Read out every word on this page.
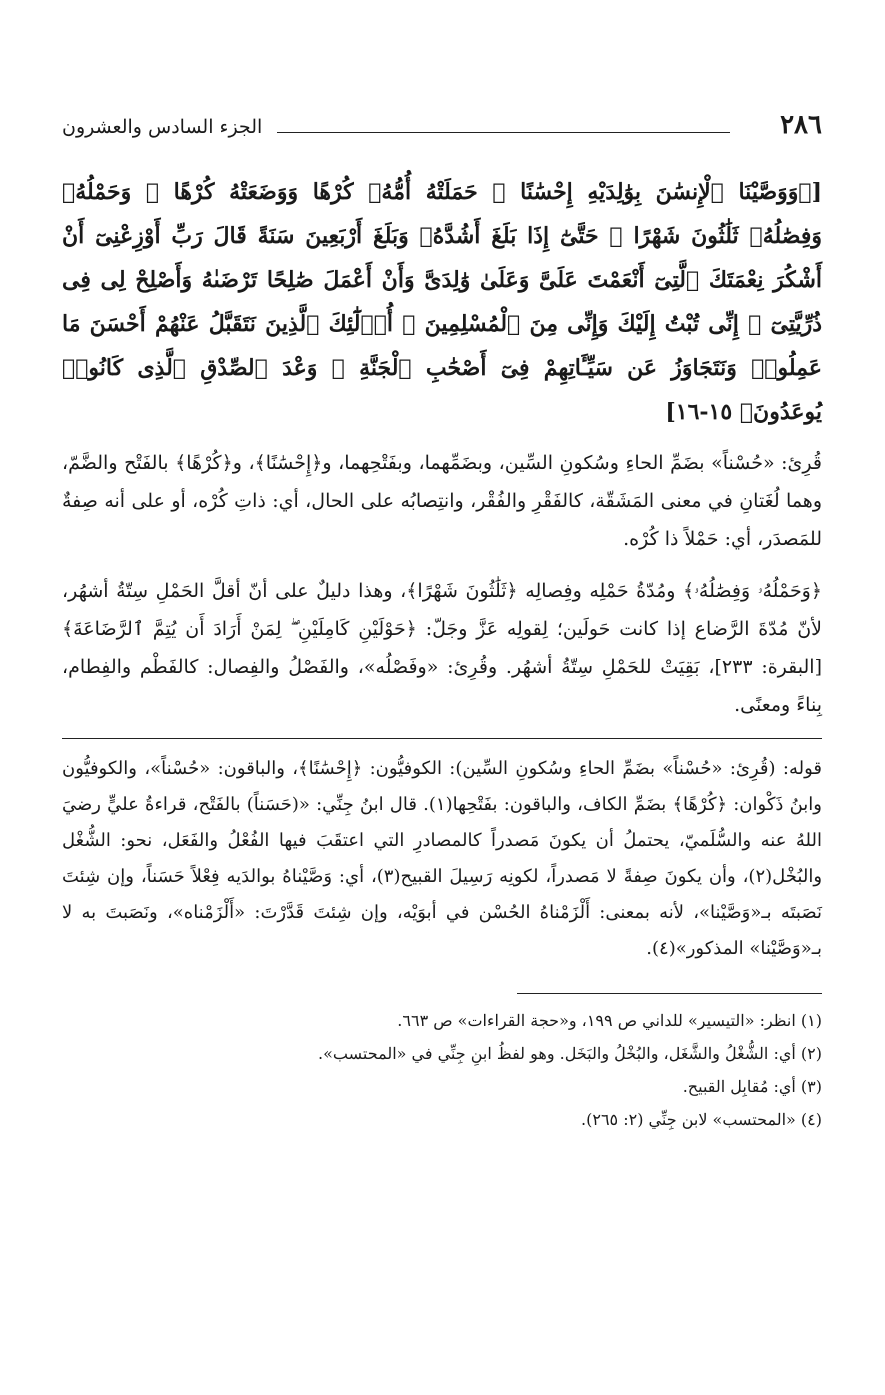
٢٨٦
الجزء السادس والعشرون
[﴿وَوَصَّيْنَا ٱلْإِنسَٰنَ بِوَٰلِدَيْهِ إِحْسَٰنًا ۖ حَمَلَتْهُ أُمُّهُۥ كُرْهًا وَوَضَعَتْهُ كُرْهًا ۖ وَحَمْلُهُۥ وَفِصَٰلُهُۥ ثَلَٰثُونَ شَهْرًا ۚ حَتَّىٰٓ إِذَا بَلَغَ أَشُدَّهُۥ وَبَلَغَ أَرْبَعِينَ سَنَةً قَالَ رَبِّ أَوْزِعْنِىٓ أَنْ أَشْكُرَ نِعْمَتَكَ ٱلَّتِىٓ أَنْعَمْتَ عَلَىَّ وَعَلَىٰ وَٰلِدَىَّ وَأَنْ أَعْمَلَ صَٰلِحًا تَرْضَىٰهُ وَأَصْلِحْ لِى فِى ذُرِّيَّتِىٓ ۖ إِنِّى تُبْتُ إِلَيْكَ وَإِنِّى مِنَ ٱلْمُسْلِمِينَ ۞ أُو۟لَٰٓئِكَ ٱلَّذِينَ نَتَقَبَّلُ عَنْهُمْ أَحْسَنَ مَا عَمِلُوا۟ وَنَتَجَاوَزُ عَن سَيِّـَٔاتِهِمْ فِىٓ أَصْحَٰبِ ٱلْجَنَّةِ ۖ وَعْدَ ٱلصِّدْقِ ٱلَّذِى كَانُوا۟ يُوعَدُونَ﴾ ١٥-١٦]

قُرِئ: «حُسْناً» بضَمِّ الحاءِ وسُكونِ السِّين، وبضَمِّهما، وبفَتْحِهما، و﴿إِحْسَٰنًا﴾، و﴿كُرْهًا﴾ بالفَتْح والضَّمّ، وهما لُغَتانِ في معنى المَشَقّة، كالفَقْرِ والفُقْر، وانتِصابُه على الحال، أي: ذاتِ كُرْه، أو على أنه صِفةٌ للمَصدَر، أي: حَمْلاً ذا كُرْه.

﴿وَحَمْلُهُۥ وَفِصَٰلُهُۥ﴾ ومُدّةُ حَمْلِه وفِصالِه ﴿ثَلَٰثُونَ شَهْرًا﴾، وهذا دليلٌ على أنّ أقلَّ الحَمْلِ سِتّةُ أشهُر، لأنّ مُدّةَ الرَّضاع إذا كانت حَولَين؛ لِقولِه عَزَّ وجَلّ: ﴿حَوْلَيْنِ كَامِلَيْنِ ۖ لِمَنْ أَرَادَ أَن يُتِمَّ ٱلرَّضَاعَةَ﴾ [البقرة: ٢٣٣]، بَقِيَتْ للحَمْلِ سِتّةُ أشهُر. وقُرِئ: «وفَصْلُه»، والفَصْلُ والفِصال: كالفَطْم والفِطام، بِناءً ومعنًى.

قوله: (قُرِئ: «حُسْناً» بضَمِّ الحاءِ وسُكونِ السِّين): الكوفيُّون: ﴿إِحْسَٰنًا﴾، والباقون: «حُسْناً»، والكوفيُّون وابنُ ذَكْوان: ﴿كُرْهًا﴾ بضَمِّ الكاف، والباقون: بفَتْحِها(١). قال ابنُ جِنِّي: «(حَسَناً) بالفَتْح، قراءةُ عليٍّ رضيَ اللهُ عنه والسُّلَميّ، يحتملُ أن يكونَ مَصدراً كالمصادرِ التي اعتقَبَ فيها الفُعْلُ والفَعَل، نحو: الشُّغْل والبُخْل(٢)، وأن يكونَ صِفةً لا مَصدراً، لكونِه رَسِيلَ القبيح(٣)، أي: وَصَّيْناهُ بوالدَيه فِعْلاً حَسَناً، وإن شِئتَ نَصَبتَه بـ«وَصَّيْنا»، لأنه بمعنى: أَلْزَمْناهُ الحُسْن في أبوَيْه، وإن شِئتَ قَدَّرْتَ: «أَلْزَمْناه»، ونَصَبتَ به لا بـ«وَصَّيْنا» المذكور»(٤).
(١) انظر: «التيسير» للداني ص ١٩٩، و«حجة القراءات» ص ٦٦٣.
(٢) أي: الشُّغْلُ والشَّغَل، والبُخْلُ والبَخَل. وهو لفظُ ابنِ جِنِّي في «المحتسب».
(٣) أي: مُقابِل القبيح.
(٤) «المحتسب» لابن جِنِّي (٢: ٢٦٥).
